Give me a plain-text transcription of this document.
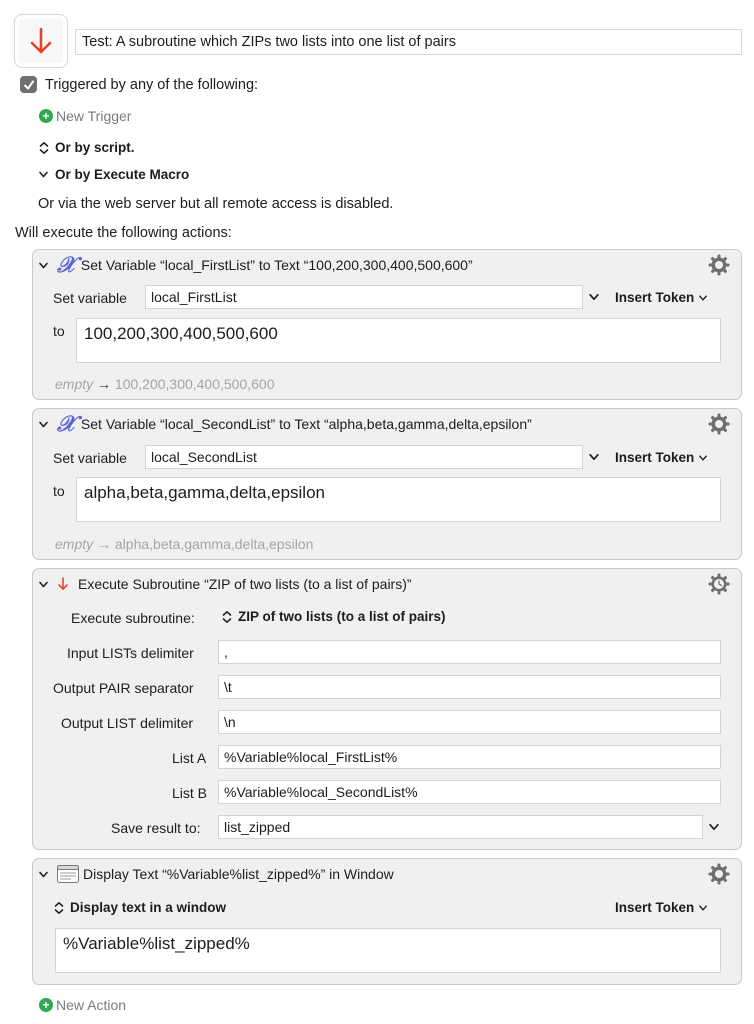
Test: A subroutine which ZIPs two lists into one list of pairs
Triggered by any of the following:
+ New Trigger
Or by script.
Or by Execute Macro
Or via the web server but all remote access is disabled.
Will execute the following actions:
𝒳 Set Variable “local_FirstList” to Text “100,200,300,400,500,600”
Set variable	local_FirstList	Insert Token
to	100,200,300,400,500,600
empty → 100,200,300,400,500,600
𝒳 Set Variable “local_SecondList” to Text “alpha,beta,gamma,delta,epsilon”
Set variable	local_SecondList	Insert Token
to	alpha,beta,gamma,delta,epsilon
empty → alpha,beta,gamma,delta,epsilon
Execute Subroutine “ZIP of two lists (to a list of pairs)”
Execute subroutine:	ZIP of two lists (to a list of pairs)
Input LISTs delimiter	,
Output PAIR separator	\t
Output LIST delimiter	\n
List A	%Variable%local_FirstList%
List B	%Variable%local_SecondList%
Save result to:	list_zipped
Display Text “%Variable%list_zipped%” in Window
Display text in a window	Insert Token
%Variable%list_zipped%
+ New Action
